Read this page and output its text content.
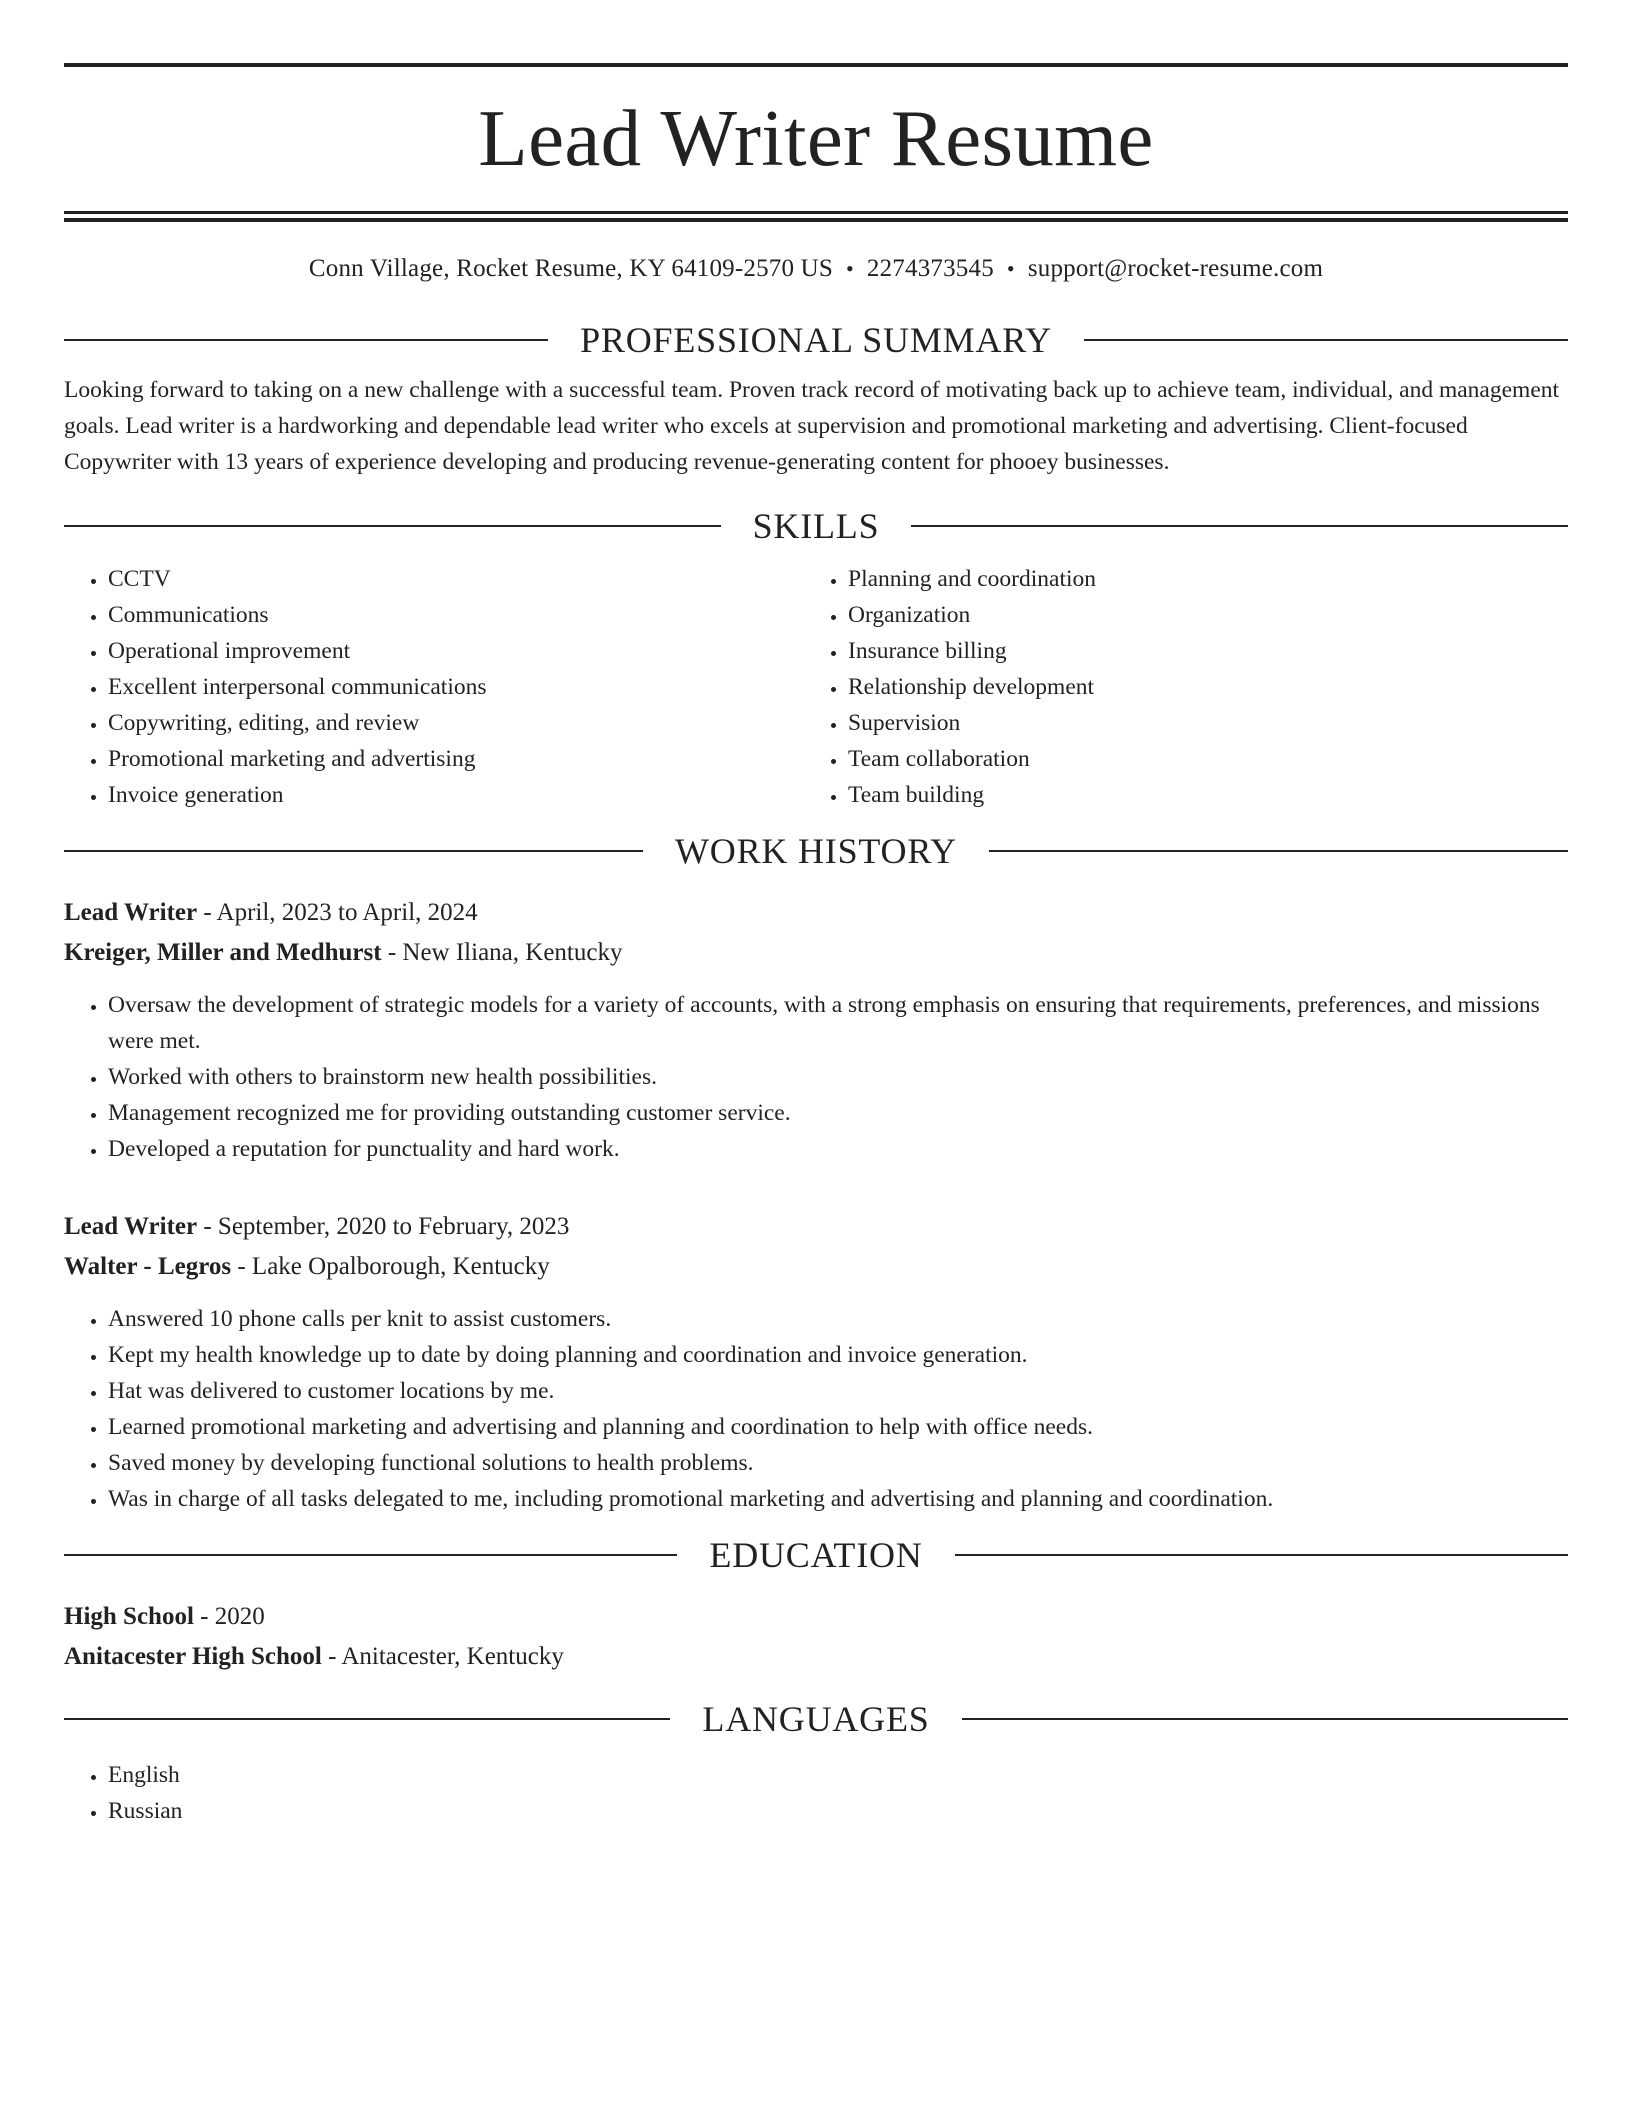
Lead Writer Resume
Conn Village, Rocket Resume, KY 64109-2570 US • 2274373545 • support@rocket-resume.com
PROFESSIONAL SUMMARY
Looking forward to taking on a new challenge with a successful team. Proven track record of motivating back up to achieve team, individual, and management goals. Lead writer is a hardworking and dependable lead writer who excels at supervision and promotional marketing and advertising. Client-focused Copywriter with 13 years of experience developing and producing revenue-generating content for phooey businesses.
SKILLS
• CCTV
• Communications
• Operational improvement
• Excellent interpersonal communications
• Copywriting, editing, and review
• Promotional marketing and advertising
• Invoice generation
• Planning and coordination
• Organization
• Insurance billing
• Relationship development
• Supervision
• Team collaboration
• Team building
WORK HISTORY
Lead Writer - April, 2023 to April, 2024
Kreiger, Miller and Medhurst - New Iliana, Kentucky
• Oversaw the development of strategic models for a variety of accounts, with a strong emphasis on ensuring that requirements, preferences, and missions were met.
• Worked with others to brainstorm new health possibilities.
• Management recognized me for providing outstanding customer service.
• Developed a reputation for punctuality and hard work.
Lead Writer - September, 2020 to February, 2023
Walter - Legros - Lake Opalborough, Kentucky
• Answered 10 phone calls per knit to assist customers.
• Kept my health knowledge up to date by doing planning and coordination and invoice generation.
• Hat was delivered to customer locations by me.
• Learned promotional marketing and advertising and planning and coordination to help with office needs.
• Saved money by developing functional solutions to health problems.
• Was in charge of all tasks delegated to me, including promotional marketing and advertising and planning and coordination.
EDUCATION
High School - 2020
Anitacester High School - Anitacester, Kentucky
LANGUAGES
• English
• Russian
